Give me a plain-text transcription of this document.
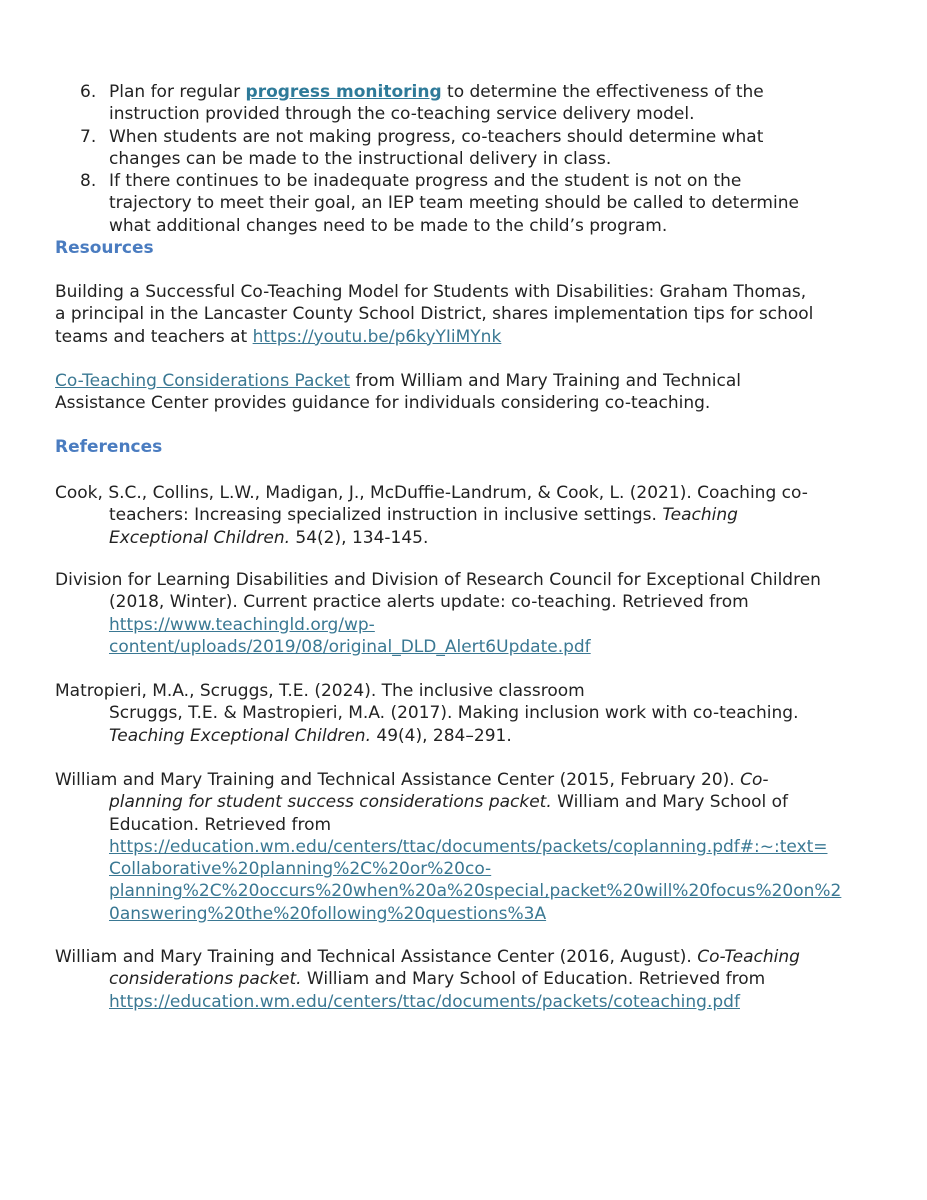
6. Plan for regular progress monitoring to determine the effectiveness of the
instruction provided through the co-teaching service delivery model.
7. When students are not making progress, co-teachers should determine what
changes can be made to the instructional delivery in class.
8. If there continues to be inadequate progress and the student is not on the
trajectory to meet their goal, an IEP team meeting should be called to determine
what additional changes need to be made to the child’s program.
Resources
Building a Successful Co-Teaching Model for Students with Disabilities: Graham Thomas,
a principal in the Lancaster County School District, shares implementation tips for school
teams and teachers at https://youtu.be/p6kyYIiMYnk
Co-Teaching Considerations Packet from William and Mary Training and Technical
Assistance Center provides guidance for individuals considering co-teaching.
References
Cook, S.C., Collins, L.W., Madigan, J., McDuffie-Landrum, & Cook, L. (2021). Coaching co-
teachers: Increasing specialized instruction in inclusive settings. Teaching
Exceptional Children. 54(2), 134-145.
Division for Learning Disabilities and Division of Research Council for Exceptional Children
(2018, Winter). Current practice alerts update: co-teaching. Retrieved from
https://www.teachingld.org/wp-
content/uploads/2019/08/original_DLD_Alert6Update.pdf
Matropieri, M.A., Scruggs, T.E. (2024). The inclusive classroom
Scruggs, T.E. & Mastropieri, M.A. (2017). Making inclusion work with co-teaching.
Teaching Exceptional Children. 49(4), 284–291.
William and Mary Training and Technical Assistance Center (2015, February 20). Co-
planning for student success considerations packet. William and Mary School of
Education. Retrieved from
https://education.wm.edu/centers/ttac/documents/packets/coplanning.pdf#:~:text=
Collaborative%20planning%2C%20or%20co-
planning%2C%20occurs%20when%20a%20special,packet%20will%20focus%20on%2
0answering%20the%20following%20questions%3A
William and Mary Training and Technical Assistance Center (2016, August). Co-Teaching
considerations packet. William and Mary School of Education. Retrieved from
https://education.wm.edu/centers/ttac/documents/packets/coteaching.pdf
